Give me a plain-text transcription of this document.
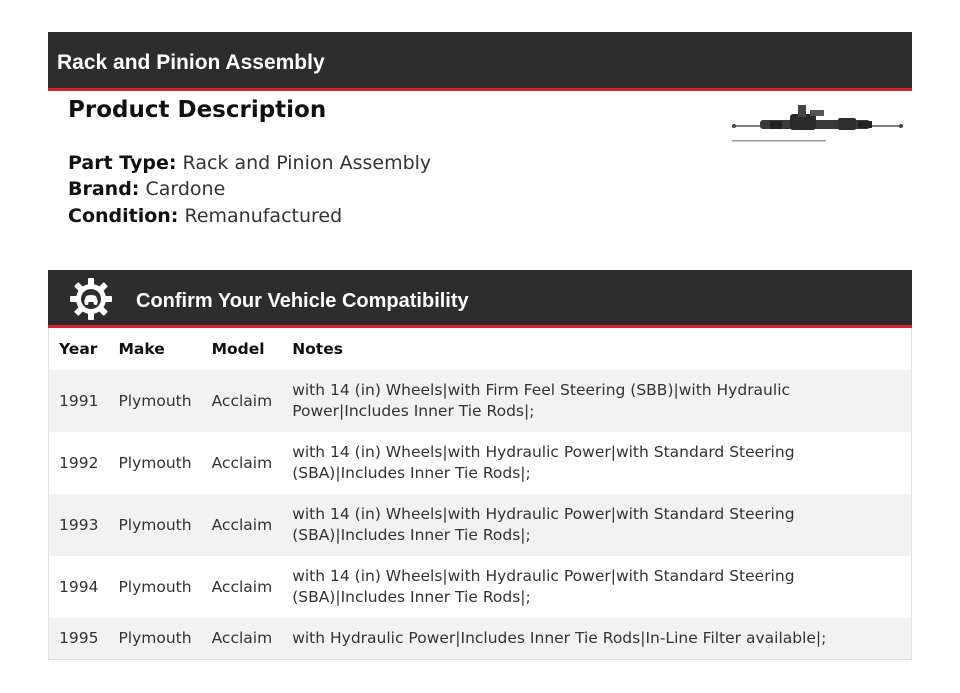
Rack and Pinion Assembly
Product Description
Part Type: Rack and Pinion Assembly
Brand: Cardone
Condition: Remanufactured
Confirm Your Vehicle Compatibility
Year	Make	Model	Notes
1991	Plymouth	Acclaim	with 14 (in) Wheels|with Firm Feel Steering (SBB)|with Hydraulic Power|Includes Inner Tie Rods|;
1992	Plymouth	Acclaim	with 14 (in) Wheels|with Hydraulic Power|with Standard Steering (SBA)|Includes Inner Tie Rods|;
1993	Plymouth	Acclaim	with 14 (in) Wheels|with Hydraulic Power|with Standard Steering (SBA)|Includes Inner Tie Rods|;
1994	Plymouth	Acclaim	with 14 (in) Wheels|with Hydraulic Power|with Standard Steering (SBA)|Includes Inner Tie Rods|;
1995	Plymouth	Acclaim	with Hydraulic Power|Includes Inner Tie Rods|In-Line Filter available|;
